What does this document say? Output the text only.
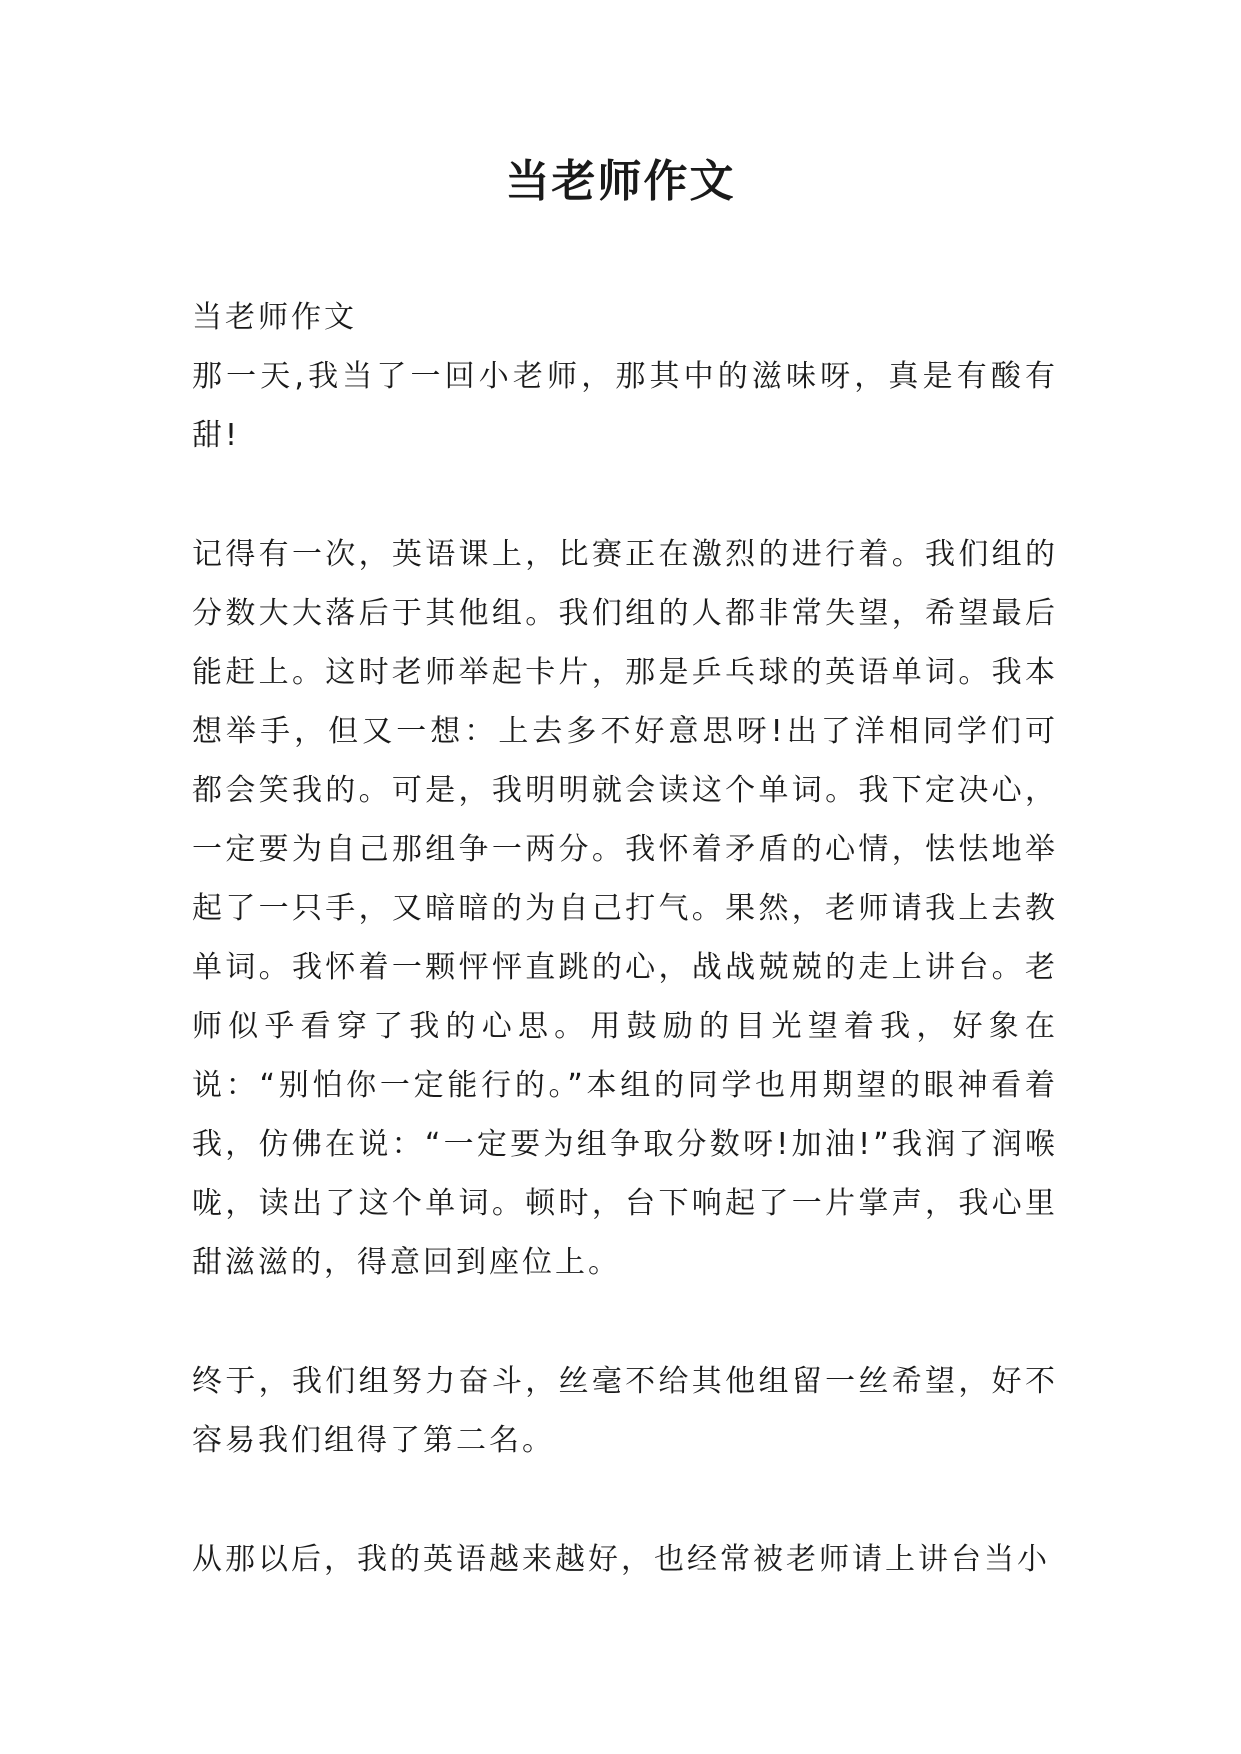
当老师作文

当老师作文

那一天,我当了一回小老师，那其中的滋味呀，真是有酸有甜!

记得有一次，英语课上，比赛正在激烈的进行着。我们组的分数大大落后于其他组。我们组的人都非常失望，希望最后能赶上。这时老师举起卡片，那是乒乓球的英语单词。我本想举手，但又一想：上去多不好意思呀!出了洋相同学们可都会笑我的。可是，我明明就会读这个单词。我下定决心，一定要为自己那组争一两分。我怀着矛盾的心情，怯怯地举起了一只手，又暗暗的为自己打气。果然，老师请我上去教单词。我怀着一颗怦怦直跳的心，战战兢兢的走上讲台。老师似乎看穿了我的心思。用鼓励的目光望着我，好象在说：“别怕你一定能行的。”本组的同学也用期望的眼神看着我，仿佛在说：“一定要为组争取分数呀!加油!”我润了润喉咙，读出了这个单词。顿时，台下响起了一片掌声，我心里甜滋滋的，得意回到座位上。

终于，我们组努力奋斗，丝毫不给其他组留一丝希望，好不容易我们组得了第二名。

从那以后，我的英语越来越好，也经常被老师请上讲台当小
